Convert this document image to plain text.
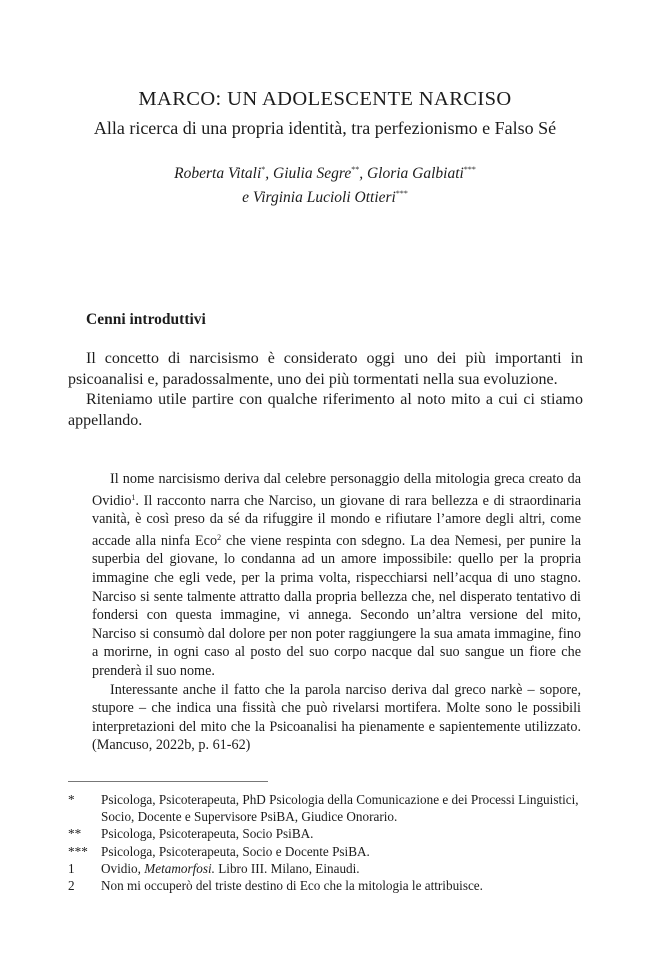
MARCO: UN ADOLESCENTE NARCISO
Alla ricerca di una propria identità, tra perfezionismo e Falso Sé
Roberta Vitali*, Giulia Segre**, Gloria Galbiati***
e Virginia Lucioli Ottieri***
Cenni introduttivi

Il concetto di narcisismo è considerato oggi uno dei più importanti in psicoanalisi e, paradossalmente, uno dei più tormentati nella sua evoluzione.

Riteniamo utile partire con qualche riferimento al noto mito a cui ci stiamo appellando.

Il nome narcisismo deriva dal celebre personaggio della mitologia greca creato da Ovidio$^1$. Il racconto narra che Narciso, un giovane di rara bellezza e di straordinaria vanità, è così preso da sé da rifuggire il mondo e rifiutare l’amore degli altri, come accade alla ninfa Eco$^2$ che viene respinta con sdegno. La dea Nemesi, per punire la superbia del giovane, lo condanna ad un amore impossibile: quello per la propria immagine che egli vede, per la prima volta, rispecchiarsi nell’acqua di uno stagno. Narciso si sente talmente attratto dalla propria bellezza che, nel disperato tentativo di fondersi con questa immagine, vi annega. Secondo un’altra versione del mito, Narciso si consumò dal dolore per non poter raggiungere la sua amata immagine, fino a morirne, in ogni caso al posto del suo corpo nacque dal suo sangue un fiore che prenderà il suo nome.

Interessante anche il fatto che la parola narciso deriva dal greco narkè – sopore, stupore – che indica una fissità che può rivelarsi mortifera. Molte sono le possibili interpretazioni del mito che la Psicoanalisi ha pienamente e sapientemente utilizzato. (Mancuso, 2022b, p. 61-62)

*	Psicologa, Psicoterapeuta, PhD Psicologia della Comunicazione e dei Processi Linguistici, Socio, Docente e Supervisore PsiBA, Giudice Onorario.
**	Psicologa, Psicoterapeuta, Socio PsiBA.
***	Psicologa, Psicoterapeuta, Socio e Docente PsiBA.
1	Ovidio, Metamorfosi. Libro III. Milano, Einaudi.
2	Non mi occuperò del triste destino di Eco che la mitologia le attribuisce.
